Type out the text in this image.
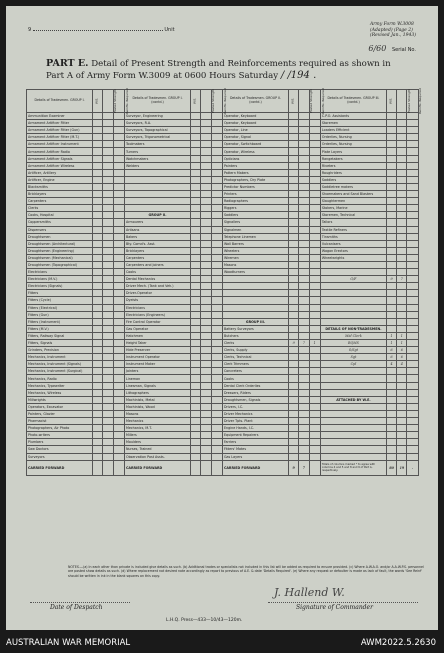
9	Unit
Army Form W.3008
(Adapted) (Page 2)
(Revised Jan., 1943)
6/60 Serial No.
PART E. Detail of Present Strength and Reinforcements required as shown in Part A of Army Form W.3009 at 0600 Hours Saturday / /194 .
Details of Tradesmen. GROUP I.	W.E.	Posted Strength	Reinfts. Required	Details of Tradesmen. GROUP I. (contd.)	W.E.	Posted Strength	Reinfts. Required	Details of Tradesmen. GROUP II. (contd.)	W.E.	Posted Strength	Reinfts. Required	Details of Tradesmen. GROUP III. (contd.)	W.E.	Posted Strength	Reinfts. Required
Ammunition Examiner				Surveyor, Engineering				Operator, Keyboard				C.P.O. Assistants			
Armament Artificer Fitter				Surveyors, R.A.				Operator, Keyboard				Storemen			
Armament Artificer Fitter (Gun)				Surveyors, Topographical				Operator, Line				Loaders Efficient			
Armament Artificer Fitter (M.T.)				Surveyors, Trigonometrical				Operator, Signal				Orderlies, Nursing			
Armament Artificer Instrument				Toolmakers				Operator, Switchboard				Orderlies, Nursing			
Armament Artificer Radio				Turners				Operator, Wireless				Plate Layers			
Armament Artificer Signals				Watchmakers				Opticians				Rangetakers			
Armament Artificer Wireless				Welders				Painters				Riveters			
Artificer, Artillery								Pattern Makers				Roughriders			
Artificer, Engine								Photographers, Dry Plate				Saddlers			
Blacksmiths								Predictor Numbers				Saddletree makers			
Bricklayers								Printers				Shoemakers and Sand Blasters			
Carpenters								Radiographers				Slaughtermen			
Clerks								Riggers				Stokers, Marine			
Cooks, Hospital				GROUP II.				Saddlers				Storemen, Technical			
Coppersmiths				Armourers				Signallers				Tailors			
Dispensers				Artisans				Signalmen				Textile Refiners			
Draughtsmen				Bakers				Telephone Linemen				Tinsmiths			
Draughtsmen (Architectural)				Bty. Comd's. Asst.				Wall Barrers				Vulcanisers			
Draughtsmen (Engineering)				Bricklayers				Wheelers				Wagon Erectors			
Draughtsmen (Mechanical)				Carpenters				Wiremen				Wheelwrights			
Draughtsmen (Topographical)				Carpenters and Joiners				Masons							
Electricians				Cooks				Woodturners							
Electricians (M.V.)				Dental Mechanics								G/F	9	7	
Electricians (Signals)				Driver Mech. (Tank and Veh.)											
Fitters				Driver-Operator											
Fitters (Cycle)				Dyeists											
Fitters (Electrical)				Electricians											
Fitters (Gun)				Electricians (Engineers)											
Fitters (Instrument)				Fire Control Operator				GROUP III.							
Fitters (M.V.)				Gas Operator				Battery Surveyors				DETAILS OF NON-TRADESMEN.			
Fitters, Railway Signal				Hatchmen				Butchers				Mid Clerk	1	1	
Fitters, Signals				Height Taker				Clerks	9	7	1	RQMS	1	1	
Grinders, Precision				Hide Preserver				Clerks, Supply				S/Sgt	6	6	
Mechanics, Instrument				Instrument Operator				Clerks, Technical				Sgt	6	6	
Mechanics, Instrument (Signals)				Instrument Maker				Clerk Trimmers				Cpl	4	4	
Mechanics, Instrument (Surgical)				Jointers				Concreters							
Mechanics, Radio				Lineman				Cooks							
Mechanics, Typewriter				Linesman, Signals				Dental Clerk Orderlies							
Mechanics, Wireless				Lithographers				Dressers, Riders							
Millwrights				Machinists, Metal				Draughtsmen, Signals				ATTACHED BY W.E.			
Operators, Excavator				Machinists, Wood				Drivers, I.C.							
Painters, Glazier				Masons				Driver Mechanics							
Pharmacist				Mechanics				Driver Tpts. Plant							
Photographers, Air Photo				Mechanics, M.T.				Engine Hands, I.C.							
Photo-writers				Millers				Equipment Repairers							
Plumbers				Moulders				Farriers							
Saw Doctors				Nurses, Trained				Fitters' Mates							
Surveyors				Observation Post Assts.				Gas Layers							
CARRIED FORWARD				CARRIED FORWARD				CARRIED FORWARD	9	7		Totals of columns marked * to agree with columns 4 and 5 and 8 and 9 of Part A, respectively.	80	19	.
NOTES.—(a) In each other than private is included give details as such. (b) Additional trades or specialists not included in this list will be added as required to ensure provided. (c) Where A.W.A.O. and/or A.A.W.P.S. personnel are posted show details as such. (d) Where replacement not desired note accordingly as report to previous of A.E. & date 'Details Required'. (e) Where any request or defaulter is made as lack of fault, the words 'See Reinf' should be written in ink in the blank squares on this copy.
Date of Despatch
J. Hallend W.
Signature of Commander
L.H.Q. Press—433—10/43—120m.
AUSTRALIAN WAR MEMORIAL	AWM2022.5.2630
